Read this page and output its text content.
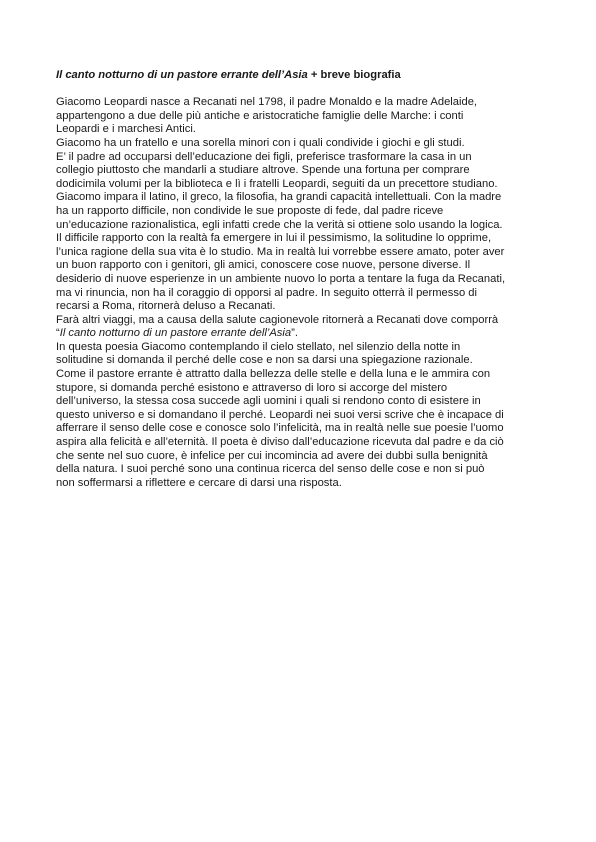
Il canto notturno di un pastore errante dell’Asia + breve biografia
Giacomo Leopardi nasce a Recanati nel 1798, il padre Monaldo e la madre Adelaide,
appartengono a due delle più antiche e aristocratiche famiglie delle Marche: i conti
Leopardi e i marchesi Antici.
Giacomo ha un fratello e una sorella minori con i quali condivide i giochi e gli studi.
E’ il padre ad occuparsi dell’educazione dei figli, preferisce trasformare la casa in un
collegio piuttosto che mandarli a studiare altrove. Spende una fortuna per comprare
dodicimila volumi per la biblioteca e lì i fratelli Leopardi, seguiti da un precettore studiano.
Giacomo impara il latino, il greco, la filosofia, ha grandi capacità intellettuali. Con la madre
ha un rapporto difficile, non condivide le sue proposte di fede, dal padre riceve
un’educazione razionalistica, egli infatti crede che la verità si ottiene solo usando la logica.
Il difficile rapporto con la realtà fa emergere in lui il pessimismo, la solitudine lo opprime,
l’unica ragione della sua vita è lo studio. Ma in realtà lui vorrebbe essere amato, poter aver
un buon rapporto con i genitori, gli amici, conoscere cose nuove, persone diverse. Il
desiderio di nuove esperienze in un ambiente nuovo lo porta a tentare la fuga da Recanati,
ma vi rinuncia, non ha il coraggio di opporsi al padre. In seguito otterrà il permesso di
recarsi a Roma, ritornerà deluso a Recanati.
Farà altri viaggi, ma a causa della salute cagionevole ritornerà a Recanati dove comporrà
“Il canto notturno di un pastore errante dell’Asia”.
In questa poesia Giacomo contemplando il cielo stellato, nel silenzio della notte in
solitudine si domanda il perché delle cose e non sa darsi una spiegazione razionale.
Come il pastore errante è attratto dalla bellezza delle stelle e della luna e le ammira con
stupore, si domanda perché esistono e attraverso di loro si accorge del mistero
dell’universo, la stessa cosa succede agli uomini i quali si rendono conto di esistere in
questo universo e si domandano il perché. Leopardi nei suoi versi scrive che è incapace di
afferrare il senso delle cose e conosce solo l’infelicità, ma in realtà nelle sue poesie l’uomo
aspira alla felicità e all’eternità. Il poeta è diviso dall’educazione ricevuta dal padre e da ciò
che sente nel suo cuore, è infelice per cui incomincia ad avere dei dubbi sulla benignità
della natura. I suoi perché sono una continua ricerca del senso delle cose e non si può
non soffermarsi a riflettere e cercare di darsi una risposta.
